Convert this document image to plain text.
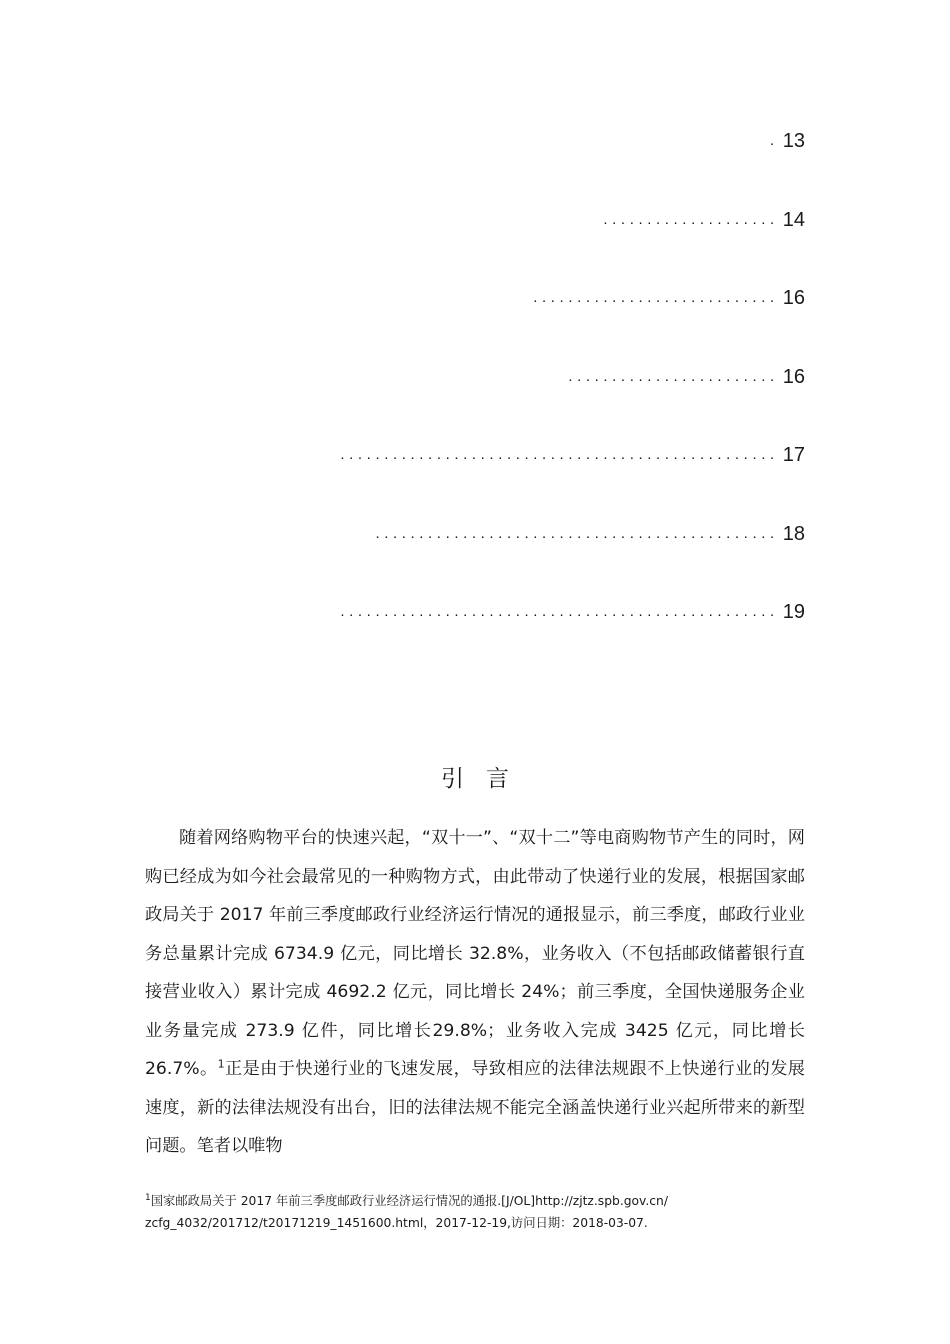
. 13
.................... 14
............................ 16
........................ 16
.................................................. 17
.............................................. 18
.................................................. 19
引言
随着网络购物平台的快速兴起，“双十一”、“双十二”等电商购物节产生的同时，网购已经成为如今社会最常见的一种购物方式，由此带动了快递行业的发展，根据国家邮政局关于 2017 年前三季度邮政行业经济运行情况的通报显示，前三季度，邮政行业业务总量累计完成 6734.9 亿元，同比增长 32.8%，业务收入（不包括邮政储蓄银行直接营业收入）累计完成 4692.2 亿元，同比增长 24%；前三季度，全国快递服务企业业务量完成 273.9 亿件，同比增长29.8%；业务收入完成 3425 亿元，同比增长 26.7%。$^1$正是由于快递行业的飞速发展，导致相应的法律法规跟不上快递行业的发展速度，新的法律法规没有出台，旧的法律法规不能完全涵盖快递行业兴起所带来的新型问题。笔者以唯物
$^1$国家邮政局关于 2017 年前三季度邮政行业经济运行情况的通报.[J/OL]http://zjtz.spb.gov.cn/
zcfg_4032/201712/t20171219_1451600.html，2017-12-19,访问日期：2018-03-07.
